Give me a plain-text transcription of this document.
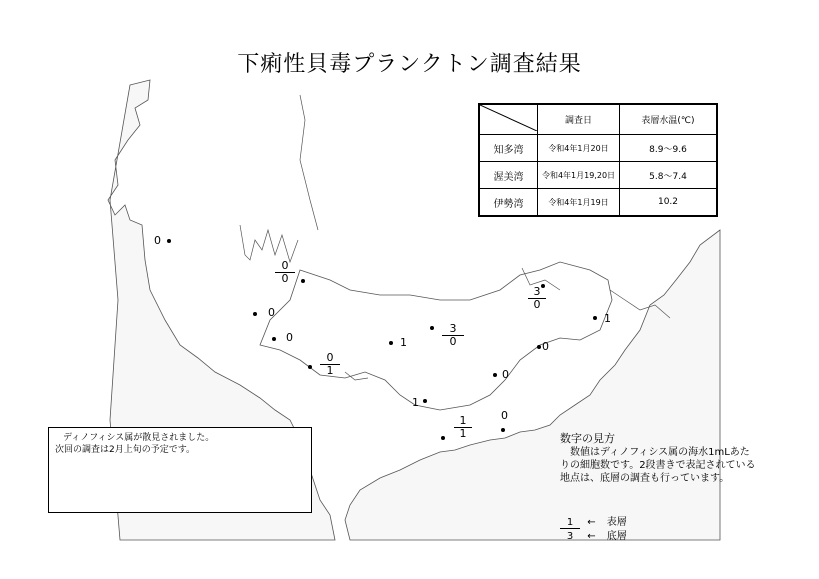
下痢性貝毒プランクトン調査結果
	調査日	表層水温(℃)
知多湾	令和4年1月20日	8.9～9.6
渥美湾	令和4年1月19,20日	5.8～7.4
伊勢湾	令和4年1月19日	10.2
0
$\frac{0}{0}$
0
0
$\frac{0}{1}$
1	$\frac{3}{0}$
1
0
0
$\frac{1}{1}$
$\frac{3}{0}$
1
0
ディノフィシス属が散見されました。
次回の調査は2月上旬の予定です。
数字の見方
数値はディノフィシス属の海水1mLあたりの細胞数です。2段書きで表記されている地点は、底層の調査も行っています。
1 ← 表層
3 ← 底層
